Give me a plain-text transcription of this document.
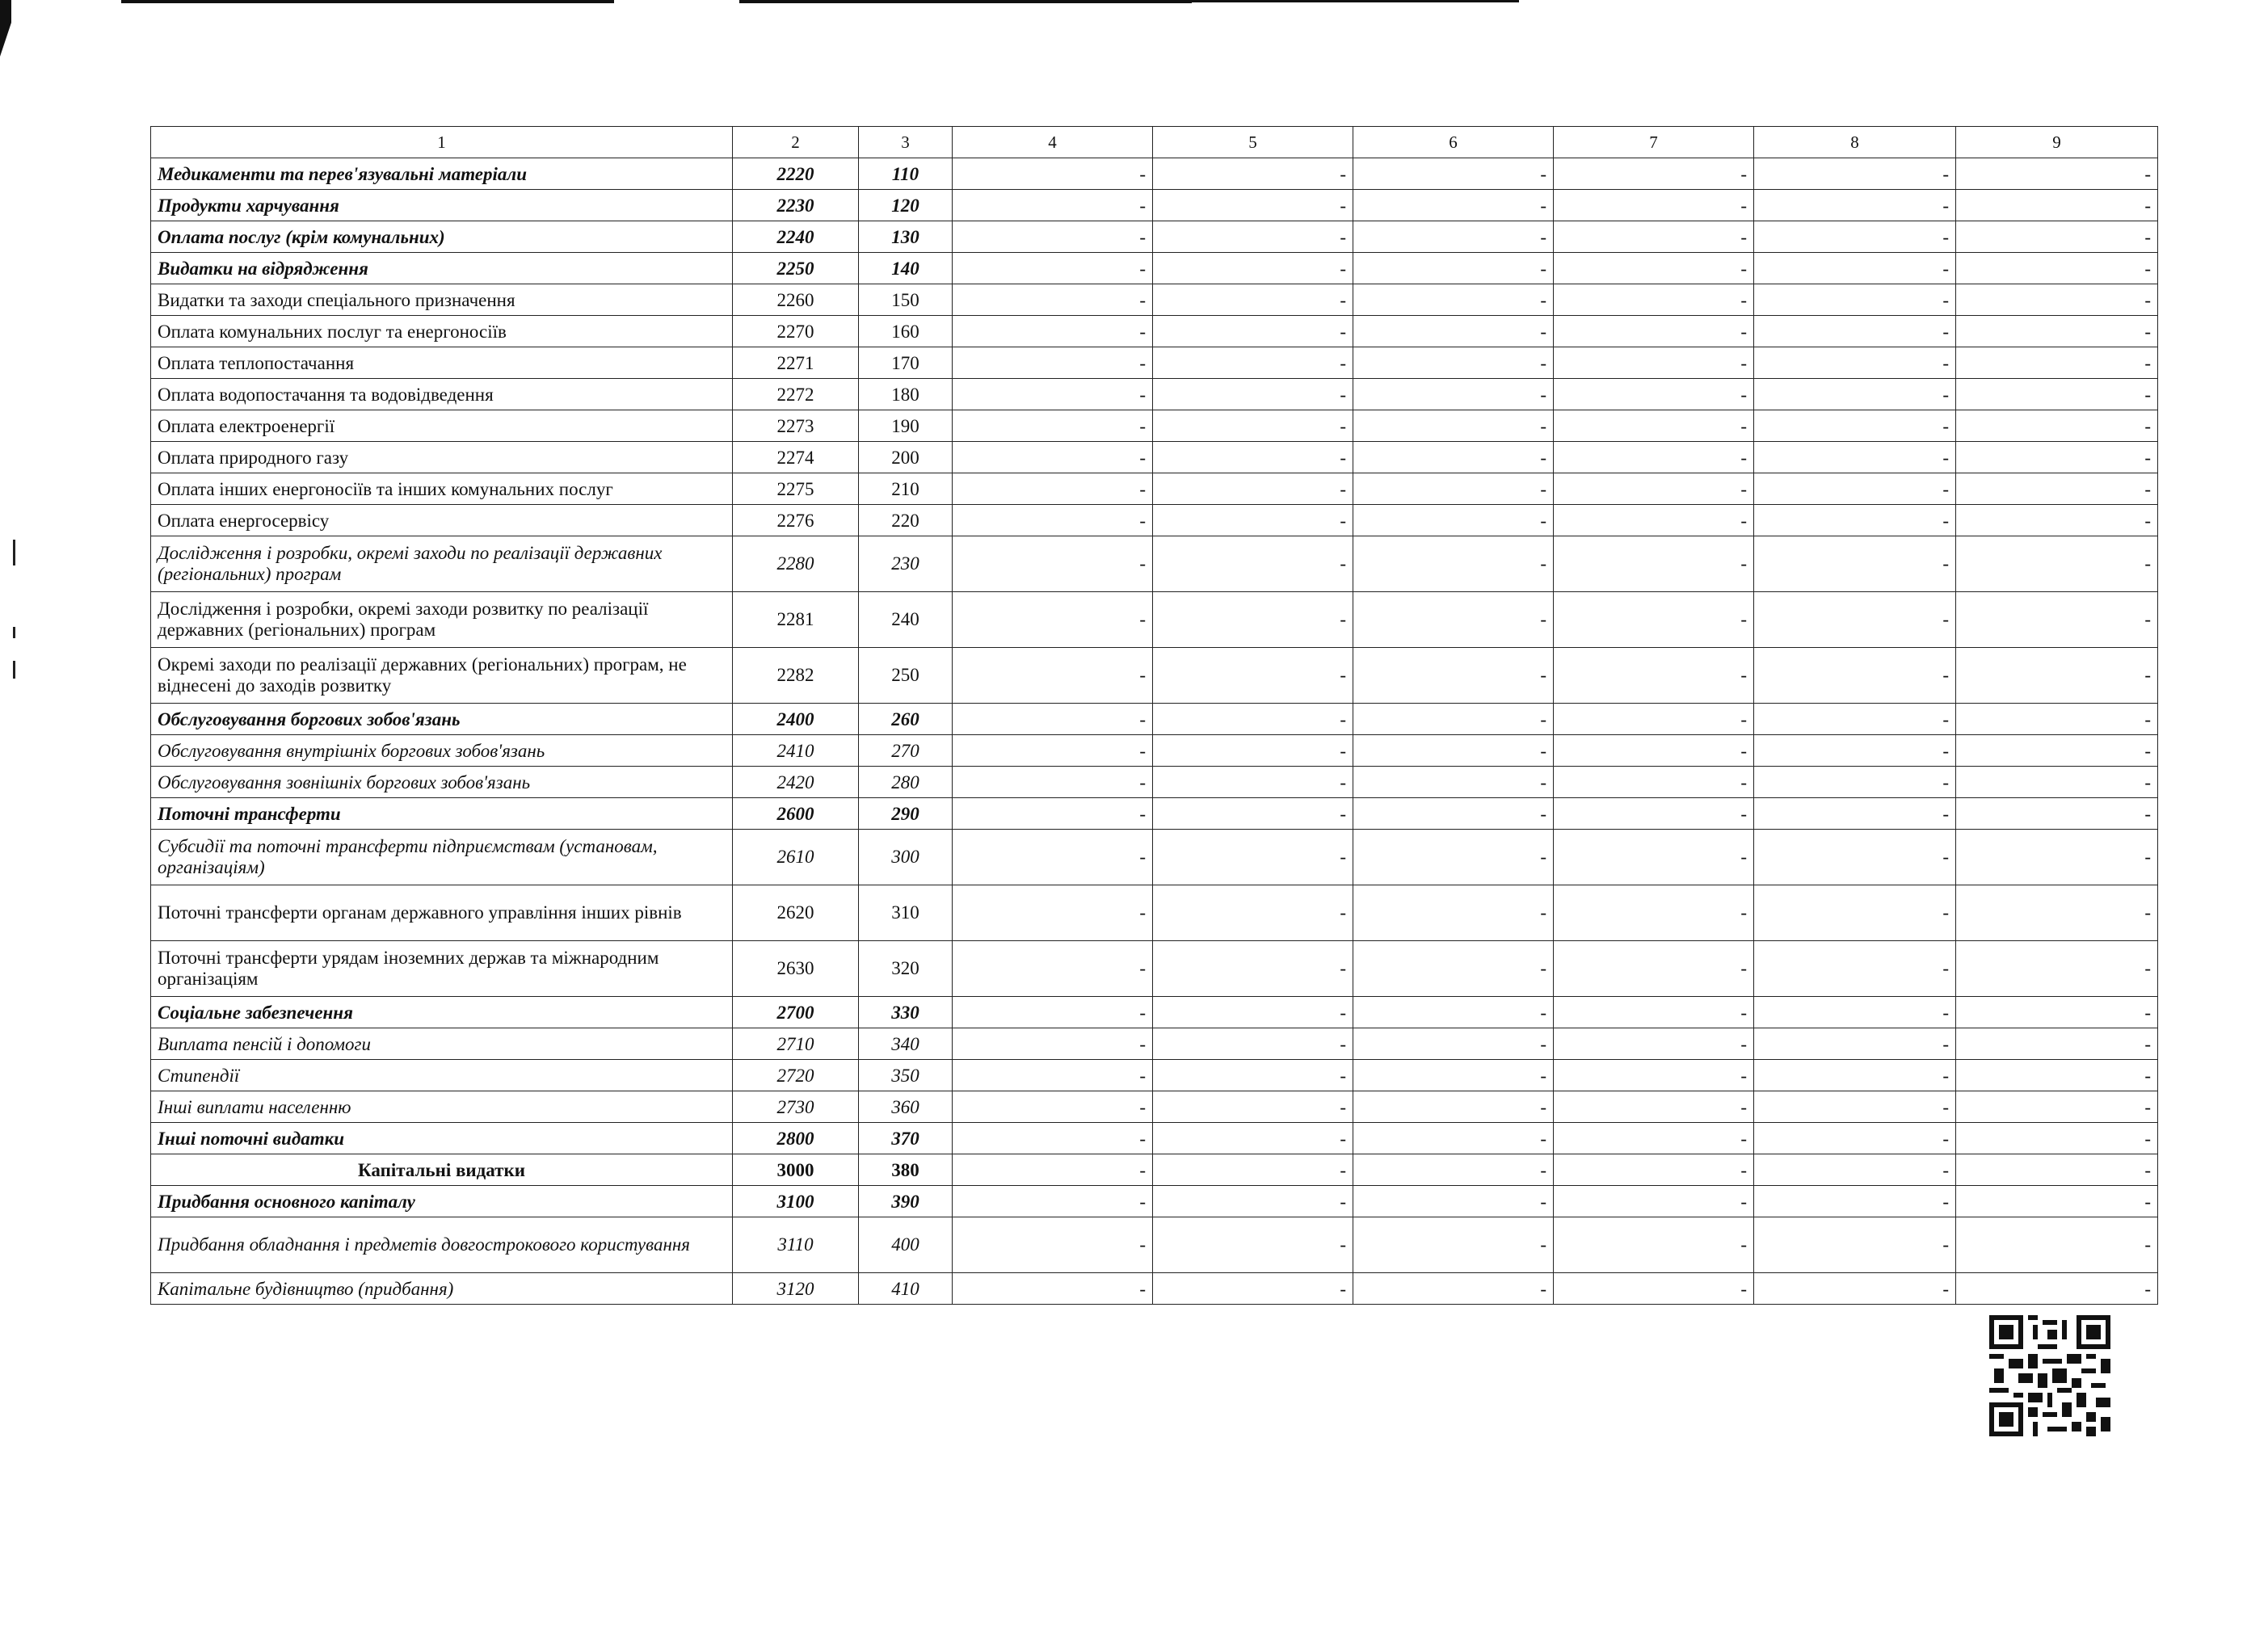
1	2	3	4	5	6	7	8	9
Медикаменти та перев'язувальні матеріали	2220	110	-	-	-	-	-	-
Продукти харчування	2230	120	-	-	-	-	-	-
Оплата послуг (крім комунальних)	2240	130	-	-	-	-	-	-
Видатки на відрядження	2250	140	-	-	-	-	-	-
Видатки та заходи спеціального призначення	2260	150	-	-	-	-	-	-
Оплата комунальних послуг та енергоносіїв	2270	160	-	-	-	-	-	-
Оплата теплопостачання	2271	170	-	-	-	-	-	-
Оплата водопостачання та водовідведення	2272	180	-	-	-	-	-	-
Оплата електроенергії	2273	190	-	-	-	-	-	-
Оплата природного газу	2274	200	-	-	-	-	-	-
Оплата інших енергоносіїв та інших комунальних послуг	2275	210	-	-	-	-	-	-
Оплата енергосервісу	2276	220	-	-	-	-	-	-
Дослідження і розробки, окремі заходи по реалізації державних (регіональних) програм	2280	230	-	-	-	-	-	-
Дослідження і розробки, окремі заходи розвитку по реалізації державних (регіональних) програм	2281	240	-	-	-	-	-	-
Окремі заходи по реалізації державних (регіональних) програм, не віднесені до заходів розвитку	2282	250	-	-	-	-	-	-
Обслуговування боргових зобов'язань	2400	260	-	-	-	-	-	-
Обслуговування внутрішніх боргових зобов'язань	2410	270	-	-	-	-	-	-
Обслуговування зовнішніх боргових зобов'язань	2420	280	-	-	-	-	-	-
Поточні трансферти	2600	290	-	-	-	-	-	-
Субсидії та поточні трансферти підприємствам (установам, організаціям)	2610	300	-	-	-	-	-	-
Поточні трансферти органам державного управління інших рівнів	2620	310	-	-	-	-	-	-
Поточні трансферти урядам іноземних держав та міжнародним організаціям	2630	320	-	-	-	-	-	-
Соціальне забезпечення	2700	330	-	-	-	-	-	-
Виплата пенсій і допомоги	2710	340	-	-	-	-	-	-
Стипендії	2720	350	-	-	-	-	-	-
Інші виплати населенню	2730	360	-	-	-	-	-	-
Інші поточні видатки	2800	370	-	-	-	-	-	-
Капітальні видатки	3000	380	-	-	-	-	-	-
Придбання основного капіталу	3100	390	-	-	-	-	-	-
Придбання обладнання і предметів довгострокового користування	3110	400	-	-	-	-	-	-
Капітальне будівництво (придбання)	3120	410	-	-	-	-	-	-
